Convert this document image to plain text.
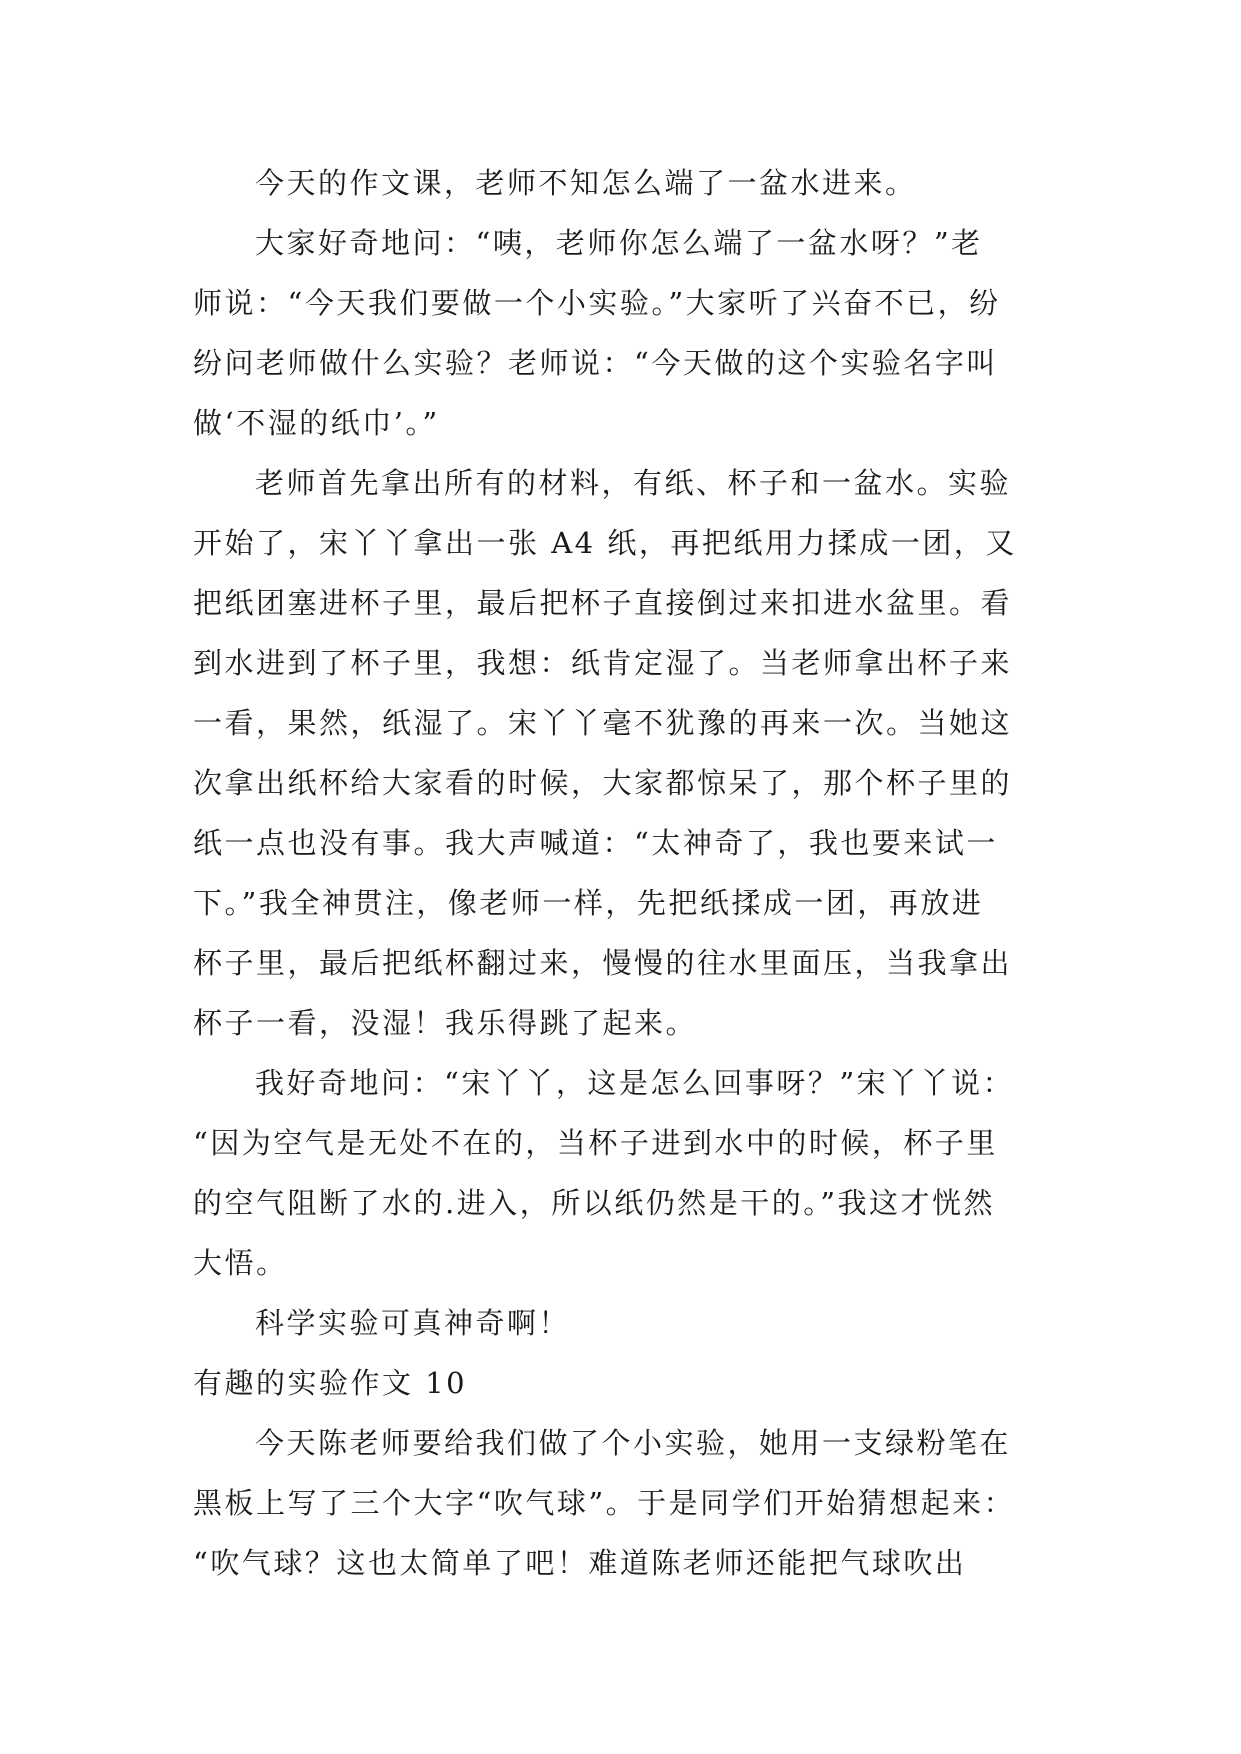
今天的作文课，老师不知怎么端了一盆水进来。
大家好奇地问：“咦，老师你怎么端了一盆水呀？”老
师说：“今天我们要做一个小实验。”大家听了兴奋不已，纷
纷问老师做什么实验？老师说：“今天做的这个实验名字叫
做‘不湿的纸巾’。”
老师首先拿出所有的材料，有纸、杯子和一盆水。实验
开始了，宋丫丫拿出一张 A4 纸，再把纸用力揉成一团，又
把纸团塞进杯子里，最后把杯子直接倒过来扣进水盆里。看
到水进到了杯子里，我想：纸肯定湿了。当老师拿出杯子来
一看，果然，纸湿了。宋丫丫毫不犹豫的再来一次。当她这
次拿出纸杯给大家看的时候，大家都惊呆了，那个杯子里的
纸一点也没有事。我大声喊道：“太神奇了，我也要来试一
下。”我全神贯注，像老师一样，先把纸揉成一团，再放进
杯子里，最后把纸杯翻过来，慢慢的往水里面压，当我拿出
杯子一看，没湿！我乐得跳了起来。
我好奇地问：“宋丫丫，这是怎么回事呀？”宋丫丫说：
“因为空气是无处不在的，当杯子进到水中的时候，杯子里
的空气阻断了水的.进入，所以纸仍然是干的。”我这才恍然
大悟。
科学实验可真神奇啊！
有趣的实验作文 10
今天陈老师要给我们做了个小实验，她用一支绿粉笔在
黑板上写了三个大字“吹气球”。于是同学们开始猜想起来：
“吹气球？这也太简单了吧！难道陈老师还能把气球吹出
